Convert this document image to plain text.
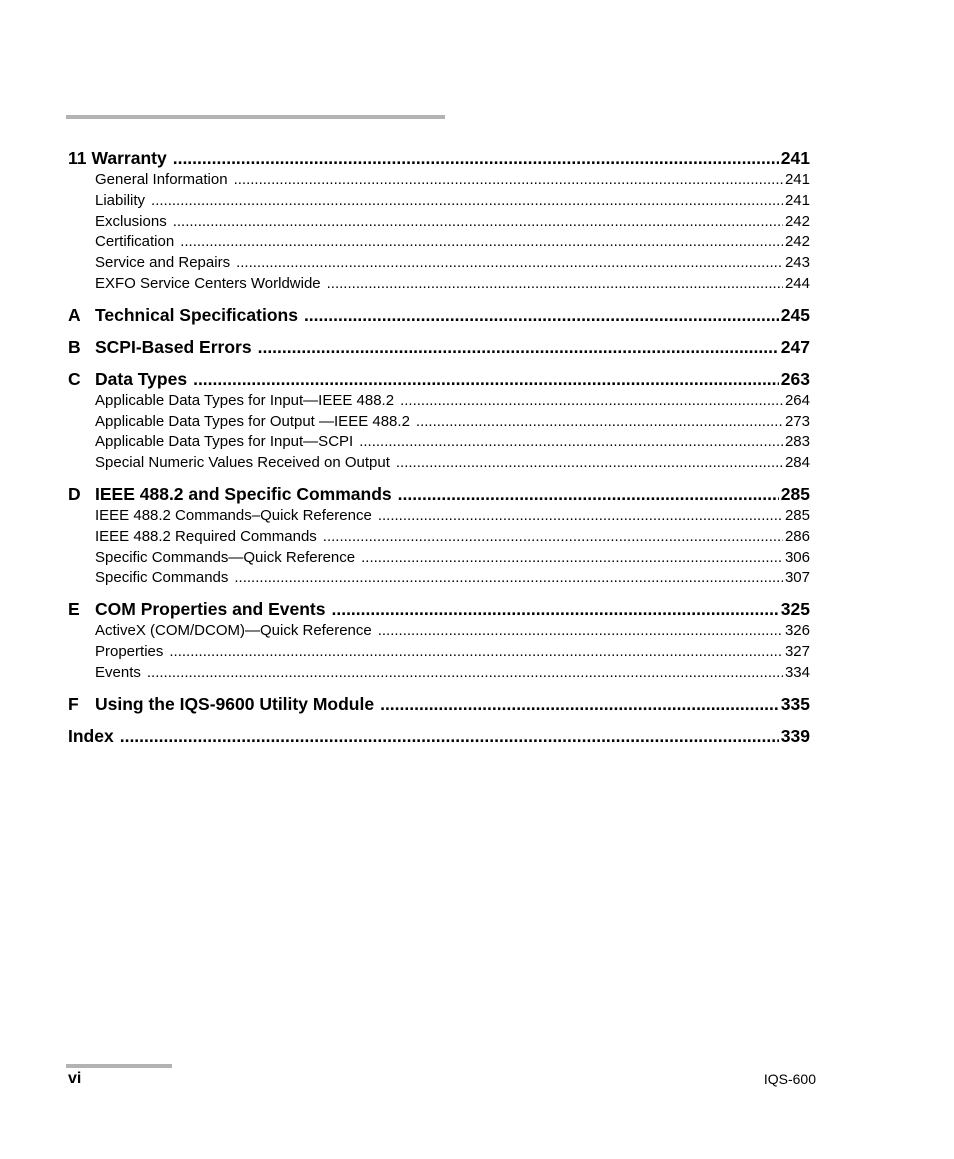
11 Warranty .....	241
General Information .....	241
Liability .....	241
Exclusions .....	242
Certification .....	242
Service and Repairs .....	243
EXFO Service Centers Worldwide .....	244
A Technical Specifications .....	245
B SCPI-Based Errors .....	247
C Data Types .....	263
Applicable Data Types for Input—IEEE 488.2 .....	264
Applicable Data Types for Output —IEEE 488.2 .....	273
Applicable Data Types for Input—SCPI .....	283
Special Numeric Values Received on Output .....	284
D IEEE 488.2 and Specific Commands .....	285
IEEE 488.2 Commands–Quick Reference .....	285
IEEE 488.2 Required Commands .....	286
Specific Commands—Quick Reference .....	306
Specific Commands .....	307
E COM Properties and Events .....	325
ActiveX (COM/DCOM)—Quick Reference .....	326
Properties .....	327
Events .....	334
F Using the IQS-9600 Utility Module .....	335
Index .....	339
vi	IQS-600
